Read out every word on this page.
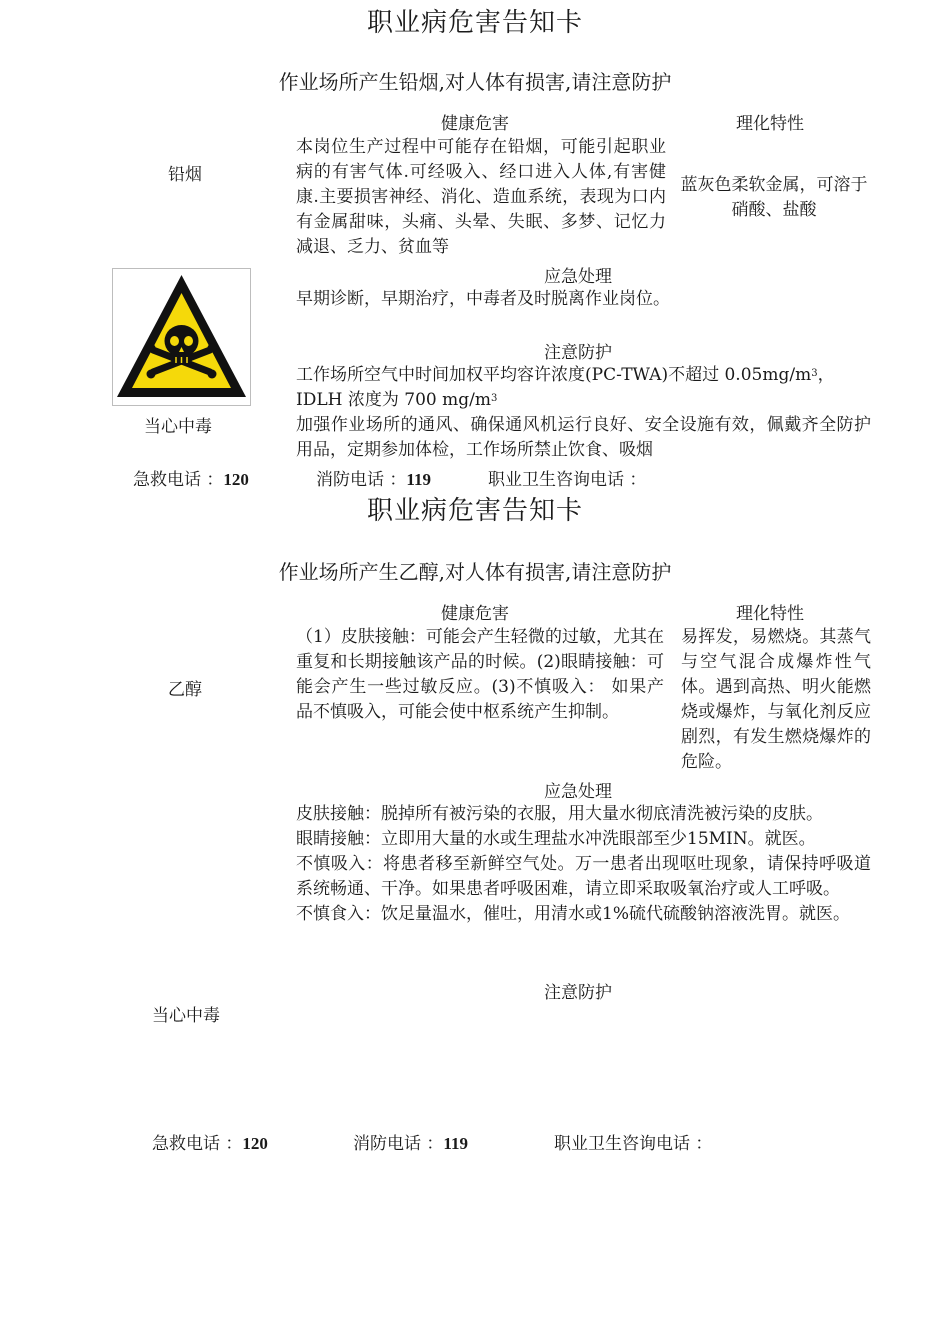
职业病危害告知卡
作业场所产生铅烟,对人体有损害,请注意防护
健康危害	理化特性
铅烟
本岗位生产过程中可能存在铅烟，可能引起职业病的有害气体.可经吸入、经口进入人体,有害健康.主要损害神经、消化、造血系统，表现为口内有金属甜味，头痛、头晕、失眠、多梦、记忆力减退、乏力、贫血等
蓝灰色柔软金属，可溶于硝酸、盐酸
应急处理
早期诊断，早期治疗，中毒者及时脱离作业岗位。
注意防护
工作场所空气中时间加权平均容许浓度(PC-TWA)不超过 $0.05mg/m^3$，
IDLH 浓度为 700 $mg/m^3$
加强作业场所的通风、确保通风机运行良好、安全设施有效，佩戴齐全防护用品，定期参加体检，工作场所禁止饮食、吸烟
当心中毒
急救电话 ：120	消防电话 ：119	职业卫生咨询电话 ：
职业病危害告知卡
作业场所产生乙醇,对人体有损害,请注意防护
健康危害	理化特性
乙醇
（1）皮肤接触：可能会产生轻微的过敏，尤其在重复和长期接触该产品的时候。(2)眼睛接触：可能会产生一些过敏反应。(3)不慎吸入： 如果产品不慎吸入，可能会使中枢系统产生抑制。
易挥发，易燃烧。其蒸气与空气混合成爆炸性气体。遇到高热、明火能燃烧或爆炸，与氧化剂反应剧烈，有发生燃烧爆炸的危险。
应急处理
皮肤接触：脱掉所有被污染的衣服，用大量水彻底清洗被污染的皮肤。
眼睛接触：立即用大量的水或生理盐水冲洗眼部至少15MIN。就医。
不慎吸入：将患者移至新鲜空气处。万一患者出现呕吐现象，请保持呼吸道系统畅通、干净。如果患者呼吸困难，请立即采取吸氧治疗或人工呼吸。
不慎食入：饮足量温水，催吐，用清水或1%硫代硫酸钠溶液洗胃。就医。
注意防护
当心中毒
急救电话 ：120	消防电话 ：119	职业卫生咨询电话 ：
